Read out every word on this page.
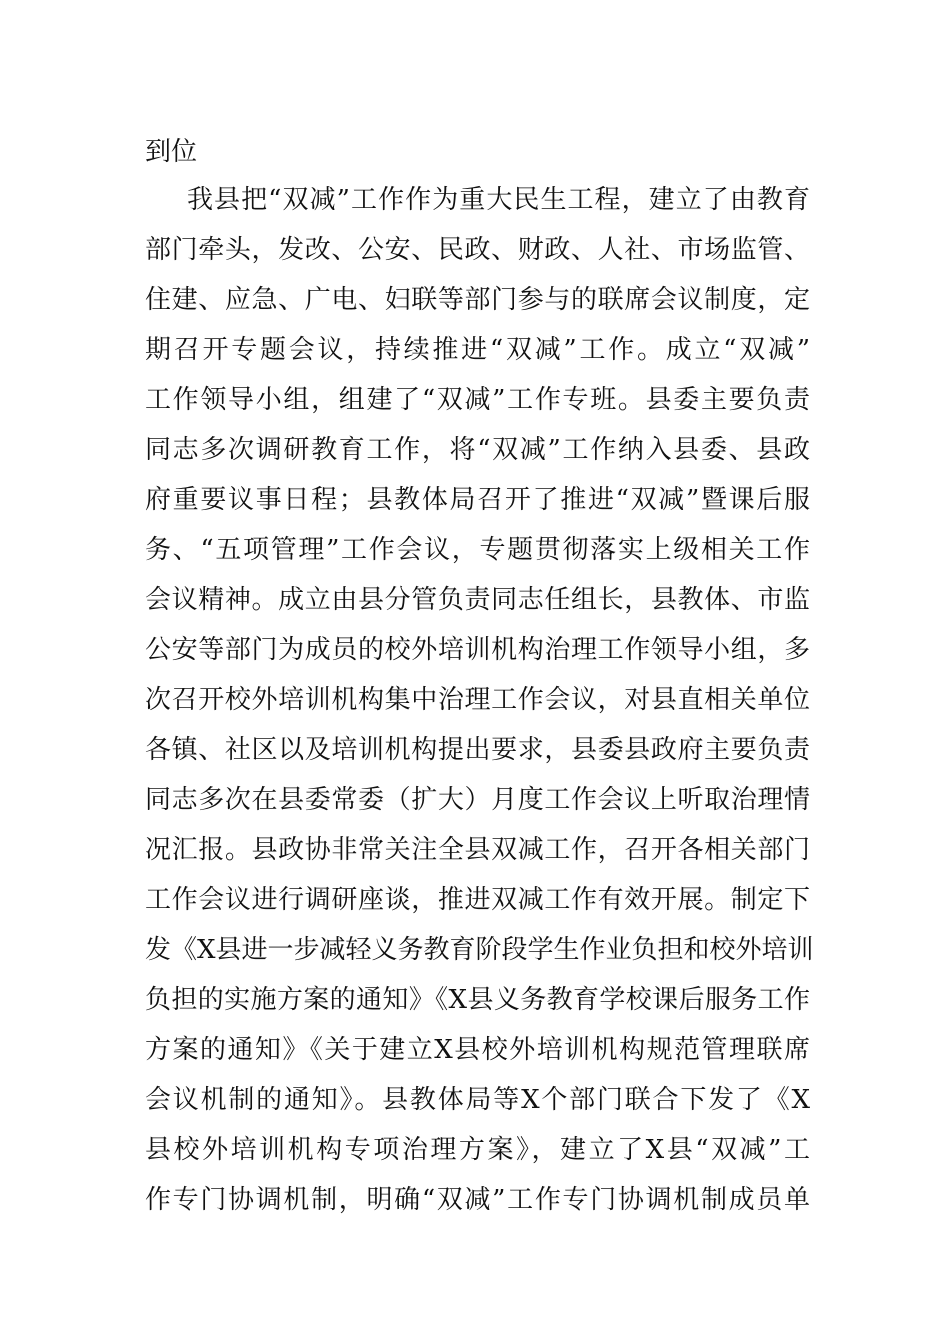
到位
我县把“双减”工作作为重大民生工程，建立了由教育
部门牵头，发改、公安、民政、财政、人社、市场监管、
住建、应急、广电、妇联等部门参与的联席会议制度，定
期召开专题会议，持续推进“双减”工作。成立“双减”
工作领导小组，组建了“双减”工作专班。县委主要负责
同志多次调研教育工作，将“双减”工作纳入县委、县政
府重要议事日程；县教体局召开了推进“双减”暨课后服
务、“五项管理”工作会议，专题贯彻落实上级相关工作
会议精神。成立由县分管负责同志任组长，县教体、市监
公安等部门为成员的校外培训机构治理工作领导小组，多
次召开校外培训机构集中治理工作会议，对县直相关单位
各镇、社区以及培训机构提出要求，县委县政府主要负责
同志多次在县委常委（扩大）月度工作会议上听取治理情
况汇报。县政协非常关注全县双减工作，召开各相关部门
工作会议进行调研座谈，推进双减工作有效开展。制定下
发《X县进一步减轻义务教育阶段学生作业负担和校外培训
负担的实施方案的通知》《X县义务教育学校课后服务工作
方案的通知》《关于建立X县校外培训机构规范管理联席
会议机制的通知》。县教体局等X个部门联合下发了《X
县校外培训机构专项治理方案》，建立了X县“双减”工
作专门协调机制，明确“双减”工作专门协调机制成员单
